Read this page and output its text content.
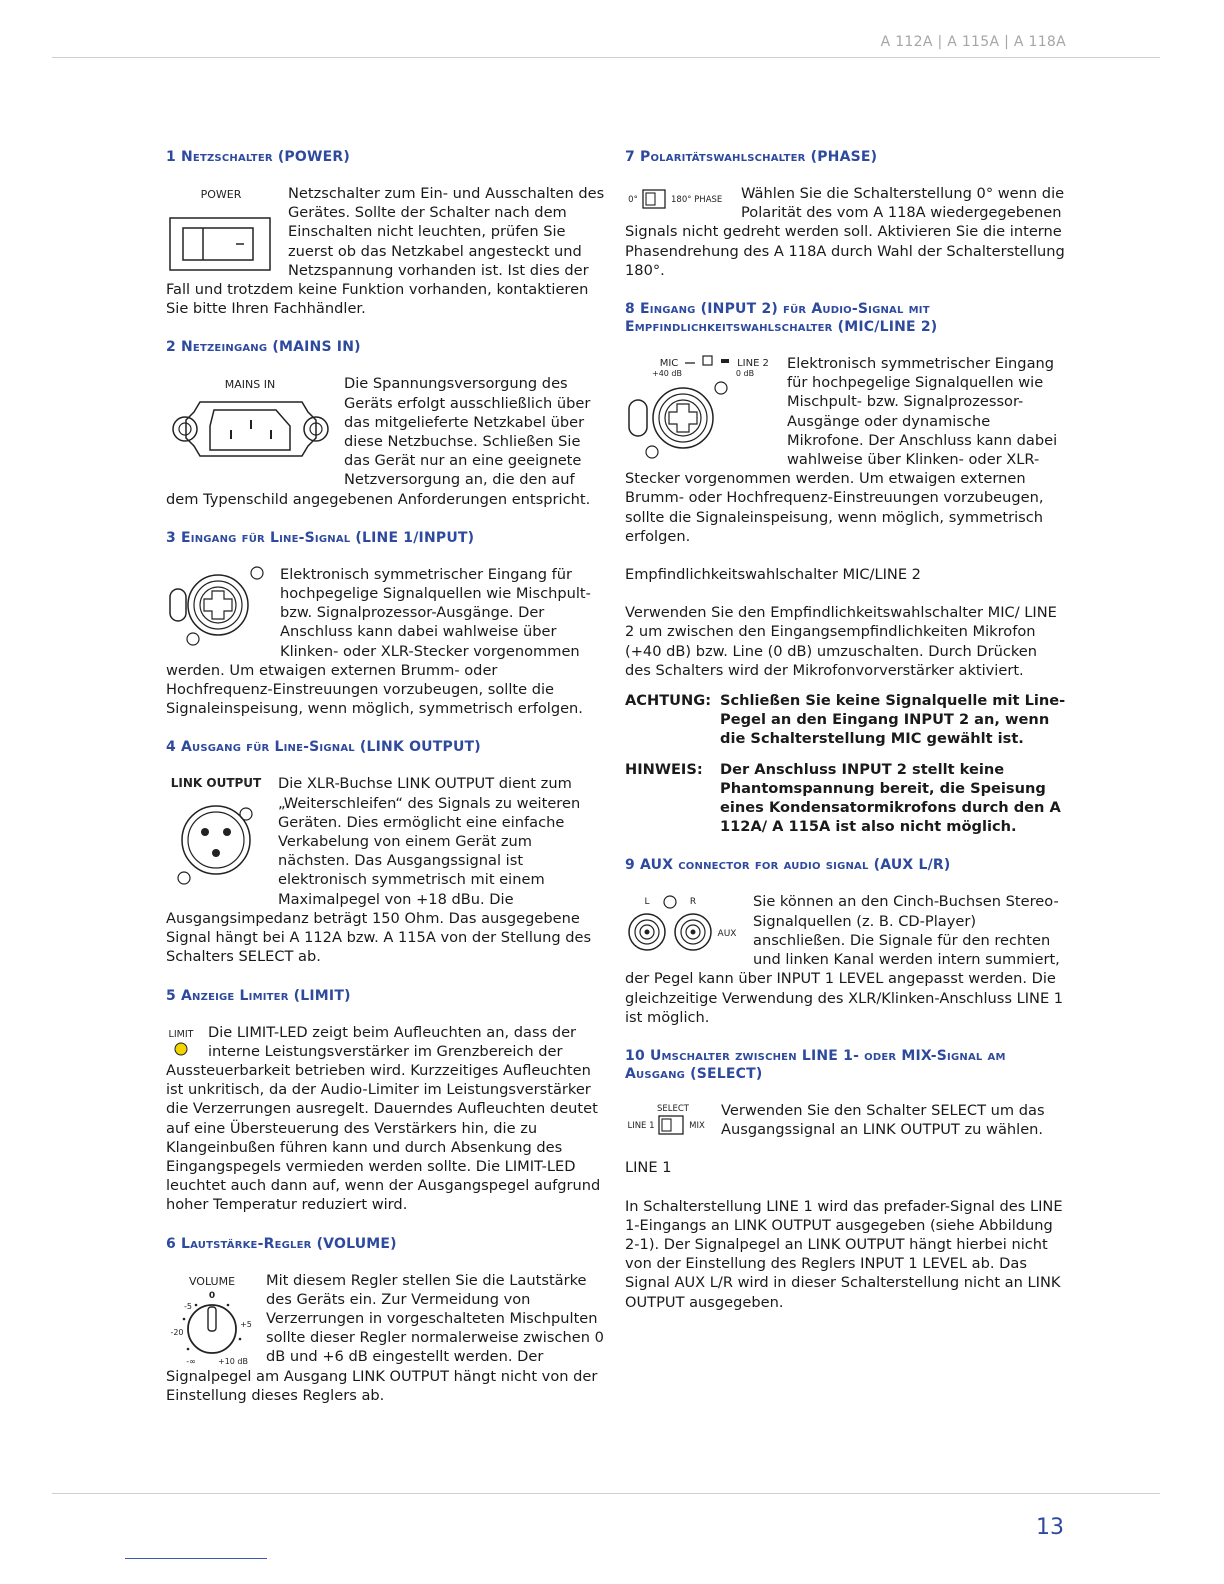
A 112A | A 115A | A 118A
1 Netzschalter (POWER)
POWER	Netzschalter zum Ein- und Ausschalten des Gerätes. Sollte der Schalter nach dem Einschalten nicht leuchten, prüfen Sie zuerst ob das Netzkabel angesteckt und Netzspannung vorhanden ist. Ist dies der Fall und trotzdem keine Funktion vorhanden, kontaktieren Sie bitte Ihren Fachhändler.

2 Netzeingang (MAINS IN)
MAINS IN	Die Spannungsversorgung des Geräts erfolgt ausschließlich über das mitgelieferte Netzkabel über diese Netzbuchse. Schließen Sie das Gerät nur an eine geeignete Netzversorgung an, die den auf dem Typenschild angegebenen Anforderungen entspricht.

3 Eingang für Line-Signal (LINE 1/INPUT)

Elektronisch symmetrischer Eingang für hochpegelige Signalquellen wie Mischpult- bzw. Signalprozessor-Ausgänge. Der Anschluss kann dabei wahlweise über Klinken- oder XLR-Stecker vorgenommen werden. Um etwaigen externen Brumm- oder Hochfrequenz-Einstreuungen vorzubeugen, sollte die Signaleinspeisung, wenn möglich, symmetrisch erfolgen.

4 Ausgang für Line-Signal (LINK OUTPUT)
LINK OUTPUT	Die XLR-Buchse LINK OUTPUT dient zum „Weiterschleifen“ des Signals zu weiteren Geräten. Dies ermöglicht eine einfache Verkabelung von einem Gerät zum nächsten. Das Ausgangssignal ist elektronisch symmetrisch mit einem Maximalpegel von +18 dBu. Die Ausgangsimpedanz beträgt 150 Ohm. Das ausgegebene Signal hängt bei A 112A bzw. A 115A von der Stellung des Schalters SELECT ab.

5 Anzeige Limiter (LIMIT)
LIMIT Die LIMIT-LED zeigt beim Aufleuchten an, dass der interne Leistungsverstärker im Grenzbereich der Aussteuerbarkeit betrieben wird. Kurzzeitiges Aufleuchten ist unkritisch, da der Audio-Limiter im Leistungsverstärker die Verzerrungen ausregelt. Dauerndes Aufleuchten deutet auf eine Übersteuerung des Verstärkers hin, die zu Klangeinbußen führen kann und durch Absenkung des Eingangspegels vermieden werden sollte. Die LIMIT-LED leuchtet auch dann auf, wenn der Ausgangspegel aufgrund hoher Temperatur reduziert wird.

6 Lautstärke-Regler (VOLUME)
VOLUME
0
-5
+5
-20
-∞	+10 dB

Mit diesem Regler stellen Sie die Lautstärke des Geräts ein. Zur Vermeidung von Verzerrungen in vorgeschalteten Mischpulten sollte dieser Regler normalerweise zwischen 0 dB und +6 dB eingestellt werden. Der Signalpegel am Ausgang LINK OUTPUT hängt nicht von der Einstellung dieses Reglers ab.

7 Polaritätswahlschalter (PHASE)
0°	180° PHASE	Wählen Sie die Schalterstellung 0° wenn die Polarität des vom A 118A wiedergegebenen Signals nicht gedreht werden soll. Aktivieren Sie die interne Phasendrehung des A 118A durch Wahl der Schalterstellung 180°.

8 Eingang (INPUT 2) für Audio-Signal mit
Empfindlichkeitswahlschalter (MIC/LINE 2)
MIC	LINE 2
+40 dB	0 dB

Elektronisch symmetrischer Eingang für hochpegelige Signalquellen wie Mischpult- bzw. Signalprozessor-Ausgänge oder dynamische Mikrofone. Der Anschluss kann dabei wahlweise über Klinken- oder XLR-Stecker vorgenommen werden. Um etwaigen externen Brumm- oder Hochfrequenz-Einstreuungen vorzubeugen, sollte die Signaleinspeisung, wenn möglich, symmetrisch erfolgen.

Empfindlichkeitswahlschalter MIC/LINE 2

Verwenden Sie den Empfindlichkeitswahlschalter MIC/ LINE 2 um zwischen den Eingangsempfindlichkeiten Mikrofon (+40 dB) bzw. Line (0 dB) umzuschalten. Durch Drücken des Schalters wird der Mikrofonvorverstärker aktiviert.

ACHTUNG: Schließen Sie keine Signalquelle mit Line-Pegel an den Eingang INPUT 2 an, wenn die Schalterstellung MIC gewählt ist.
HINWEIS:	Der Anschluss INPUT 2 stellt keine Phantomspannung bereit, die Speisung eines Kondensatormikrofons durch den A 112A/ A 115A ist also nicht möglich.
9 AUX connector for audio signal (AUX L/R)
L	R
AUX

Sie können an den Cinch-Buchsen Stereo-Signalquellen (z. B. CD-Player) anschließen. Die Signale für den rechten und linken Kanal werden intern summiert, der Pegel kann über INPUT 1 LEVEL angepasst werden. Die gleichzeitige Verwendung des XLR/Klinken-Anschluss LINE 1 ist möglich.

10 Umschalter zwischen LINE 1- oder MIX-Signal am
Ausgang (SELECT)
SELECT
LINE 1	MIX

Verwenden Sie den Schalter SELECT um das Ausgangssignal an LINK OUTPUT zu wählen.

LINE 1

In Schalterstellung LINE 1 wird das prefader-Signal des LINE 1-Eingangs an LINK OUTPUT ausgegeben (siehe Abbildung 2-1). Der Signalpegel an LINK OUTPUT hängt hierbei nicht von der Einstellung des Reglers INPUT 1 LEVEL ab. Das Signal AUX L/R wird in dieser Schalterstellung nicht an LINK OUTPUT ausgegeben.

13
